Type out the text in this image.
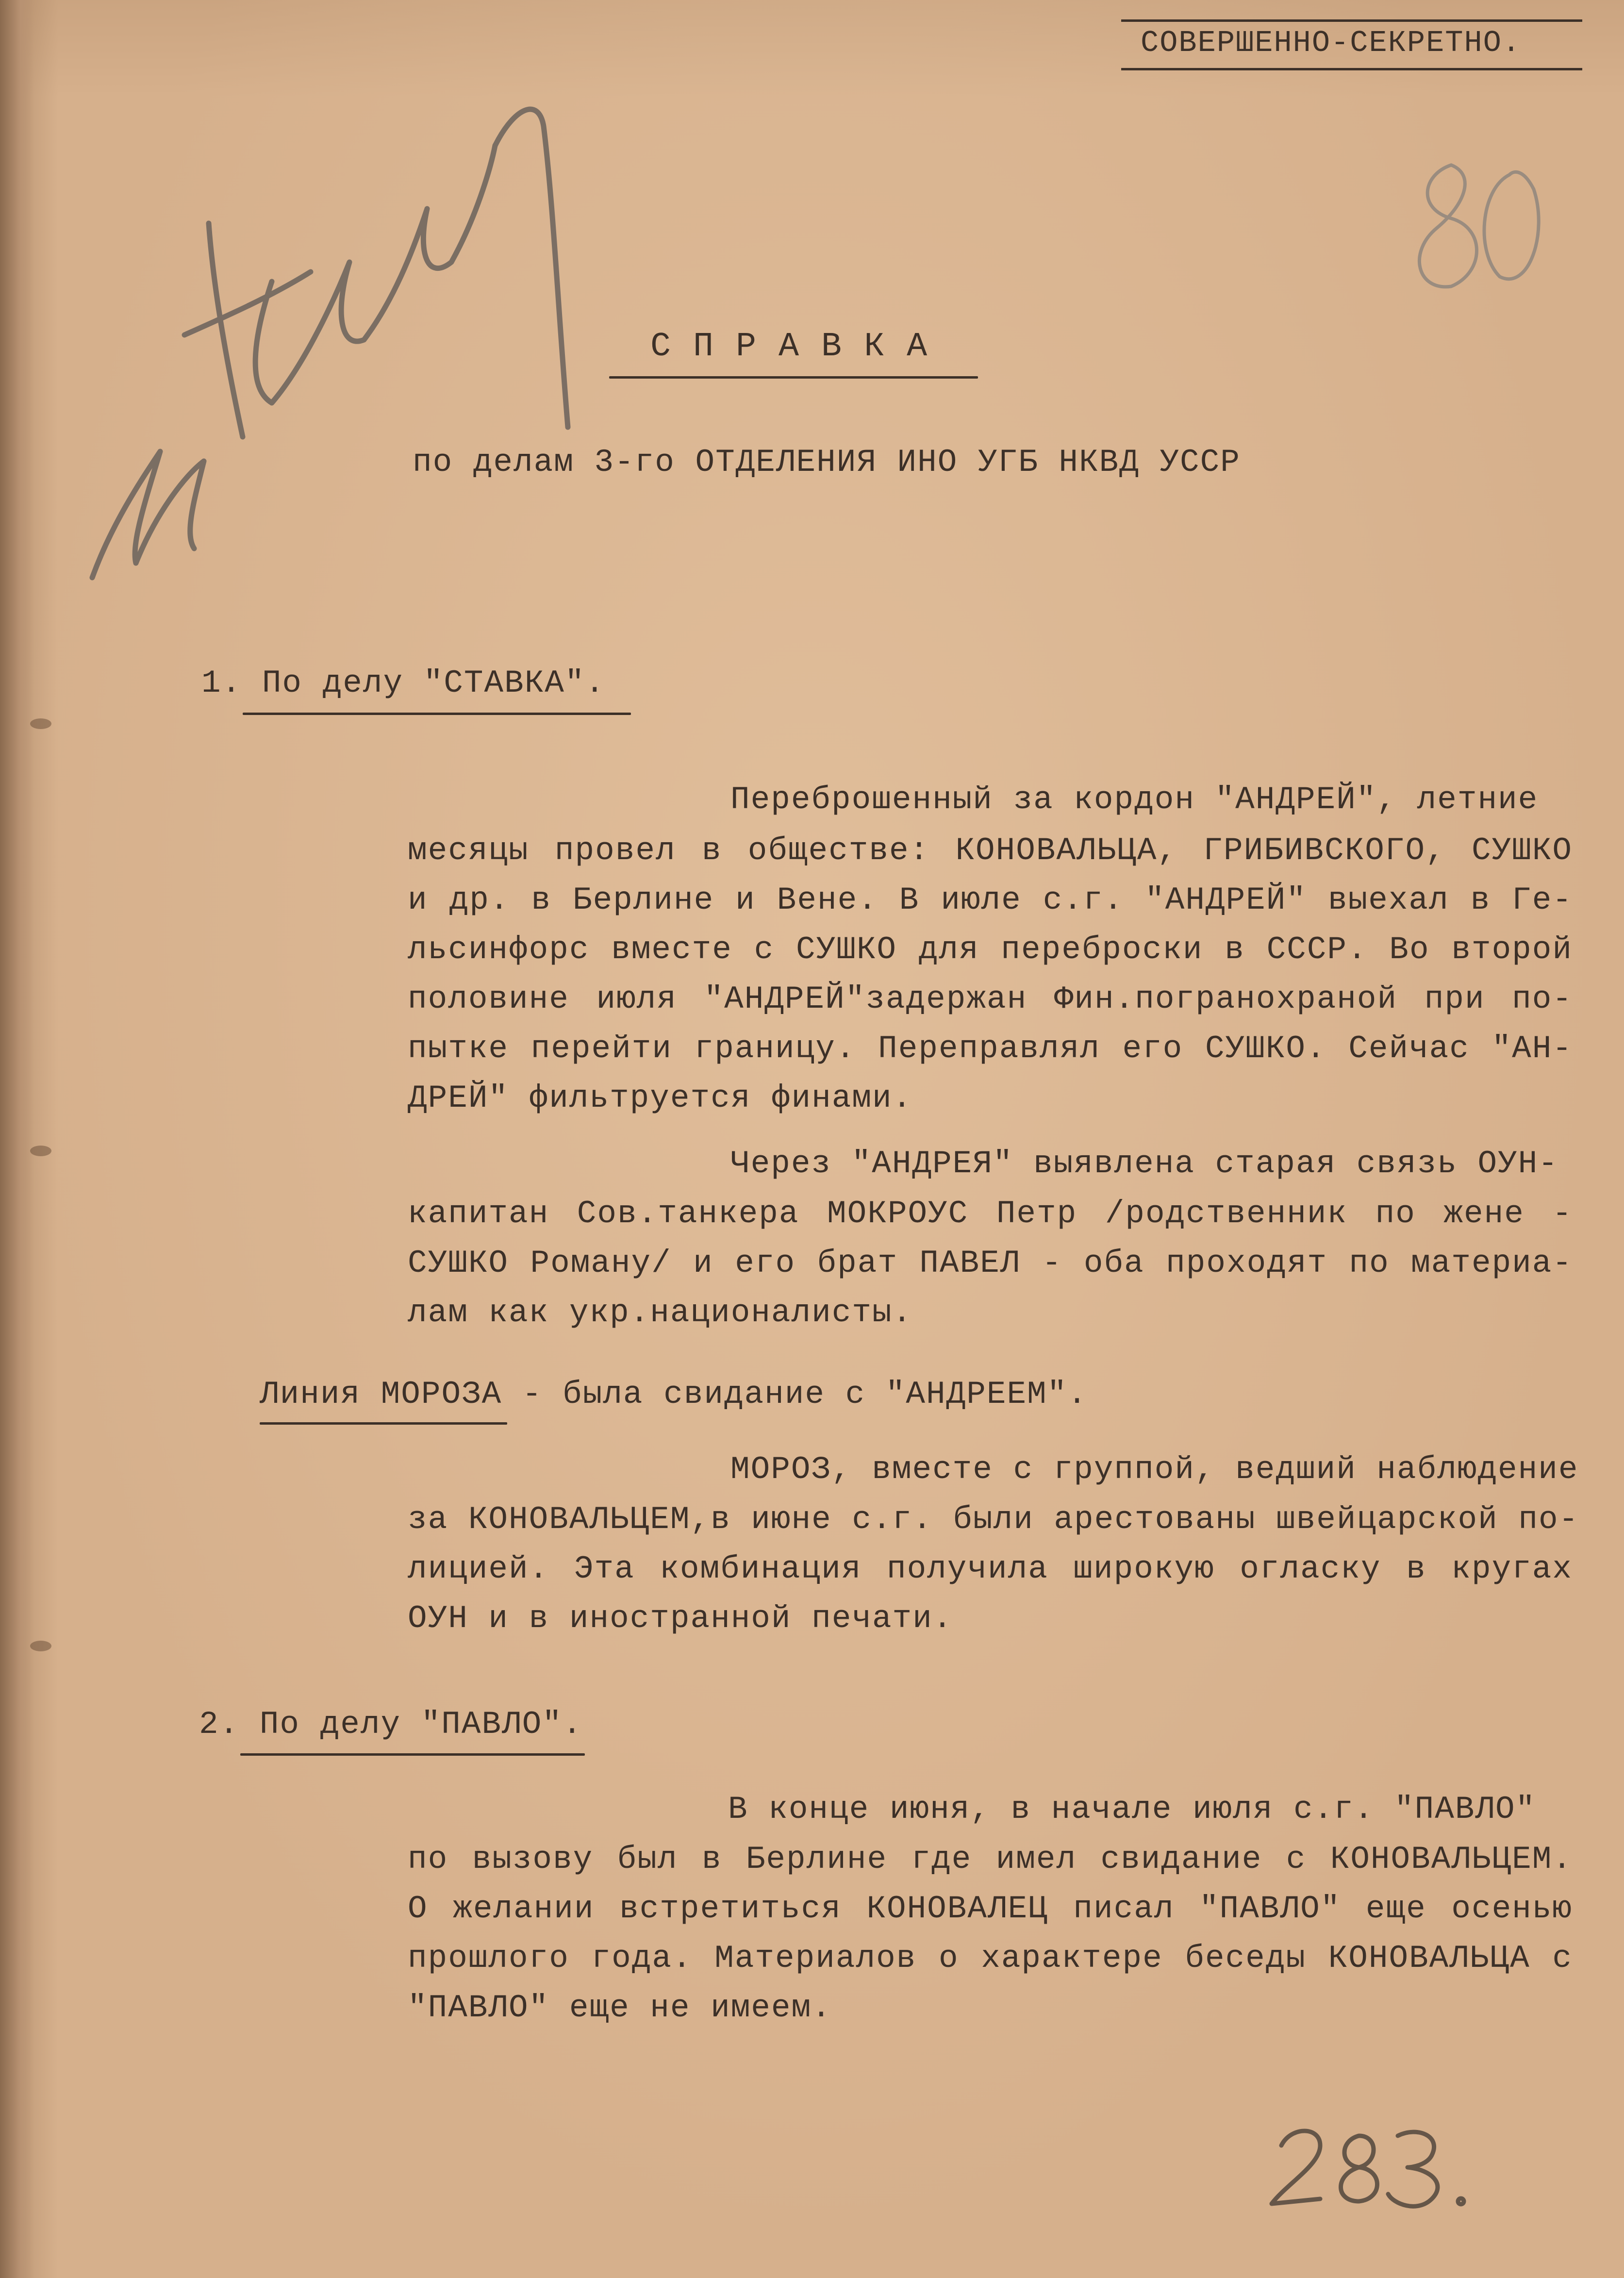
СОВЕРШЕННО-СЕКРЕТНО.
С П Р А В К А
по делам 3-го ОТДЕЛЕНИЯ ИНО УГБ НКВД УССР
1. По делу "СТАВКА".
Переброшенный за кордон "АНДРЕЙ", летние
месяцы провел в обществе: КОНОВАЛЬЦА, ГРИБИВСКОГО, СУШКО
и др. в Берлине и Вене. В июле с.г. "АНДРЕЙ" выехал в Ге-
льсинфорс вместе с СУШКО для переброски в СССР. Во второй
половине июля "АНДРЕЙ"задержан Фин.погранохраной при по-
пытке перейти границу. Переправлял его СУШКО. Сейчас "АН-
ДРЕЙ" фильтруется финами.
Через "АНДРЕЯ" выявлена старая связь ОУН-
капитан Сов.танкера МОКРОУС Петр /родственник по жене -
СУШКО Роману/ и его брат ПАВЕЛ - оба проходят по материа-
лам как укр.националисты.
Линия МОРОЗА - была свидание с "АНДРЕЕМ".
МОРОЗ, вместе с группой, ведший наблюдение
за КОНОВАЛЬЦЕМ,в июне с.г. были арестованы швейцарской по-
лицией. Эта комбинация получила широкую огласку в кругах
ОУН и в иностранной печати.
2. По делу "ПАВЛО".
В конце июня, в начале июля с.г. "ПАВЛО"
по вызову был в Берлине где имел свидание с КОНОВАЛЬЦЕМ.
О желании встретиться КОНОВАЛЕЦ писал "ПАВЛО" еще осенью
прошлого года. Материалов о характере беседы КОНОВАЛЬЦА с
"ПАВЛО" еще не имеем.
